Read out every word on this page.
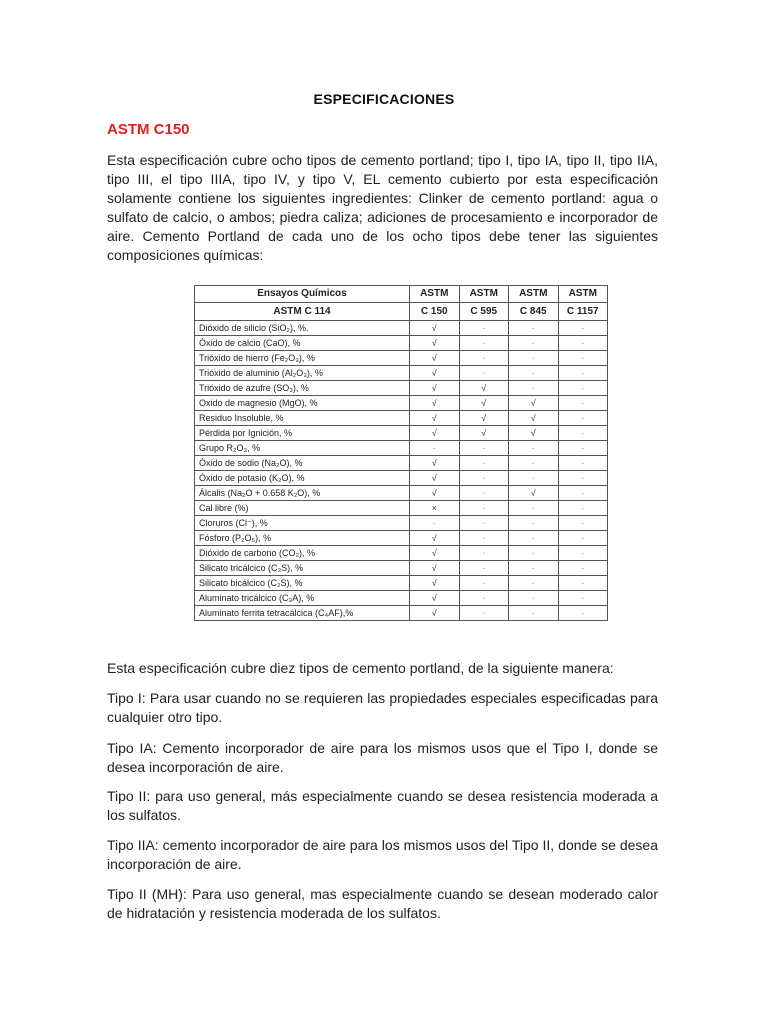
ESPECIFICACIONES
ASTM C150
Esta especificación cubre ocho tipos de cemento portland; tipo I, tipo IA, tipo II, tipo IIA, tipo III, el tipo IIIA, tipo IV, y tipo V, EL cemento cubierto por esta especificación solamente contiene los siguientes ingredientes: Clinker de cemento portland: agua o sulfato de calcio, o ambos; piedra caliza; adiciones de procesamiento e incorporador de aire. Cemento Portland de cada uno de los ocho tipos debe tener las siguientes composiciones químicas:
Ensayos Químicos	ASTM	ASTM	ASTM	ASTM
ASTM C 114	C 150	C 595	C 845	C 1157
Dióxido de silicio (SiO₂), %.	√	-	-	-
Óxido de calcio (CaO), %	√	-	-	-
Trióxido de hierro (Fe₂O₃), %	√	-	-	-
Trióxido de aluminio (Al₂O₃), %	√	-	-	-
Trióxido de azufre (SO₃), %	√	√	-	-
Oxido de magnesio (MgO), %	√	√	√	-
Residuo Insoluble, %	√	√	√	-
Pérdida por Ignición, %	√	√	√	-
Grupo R₂O₃, %	-	-	-	-
Óxido de sodio (Na₂O), %	√	-	-	-
Óxido de potasio (K₂O), %	√	-	-	-
Álcalis (Na₂O + 0.658 K₂O), %	√	-	√	-
Cal libre (%)	×	-	-	-
Cloruros (Cl⁻), %	-	-	-	-
Fósforo (P₂O₅), %	√	-	-	-
Dióxido de carbono (CO₂), %	√	-	-	-
Silicato tricálcico (C₃S), %	√	-	-	-
Silicato bicálcico (C₂S), %	√	-	-	-
Aluminato tricálcico (C₃A), %	√	-	-	-
Aluminato ferrita tetracálcica (C₄AF),%	√	-	-	-
Esta especificación cubre diez tipos de cemento portland, de la siguiente manera:
Tipo I: Para usar cuando no se requieren las propiedades especiales especificadas para cualquier otro tipo.
Tipo IA: Cemento incorporador de aire para los mismos usos que el Tipo I, donde se desea incorporación de aire.
Tipo II: para uso general, más especialmente cuando se desea resistencia moderada a los sulfatos.
Tipo IIA: cemento incorporador de aire para los mismos usos del Tipo II, donde se desea incorporación de aire.
Tipo II (MH): Para uso general, mas especialmente cuando se desean moderado calor de hidratación y resistencia moderada de los sulfatos.
